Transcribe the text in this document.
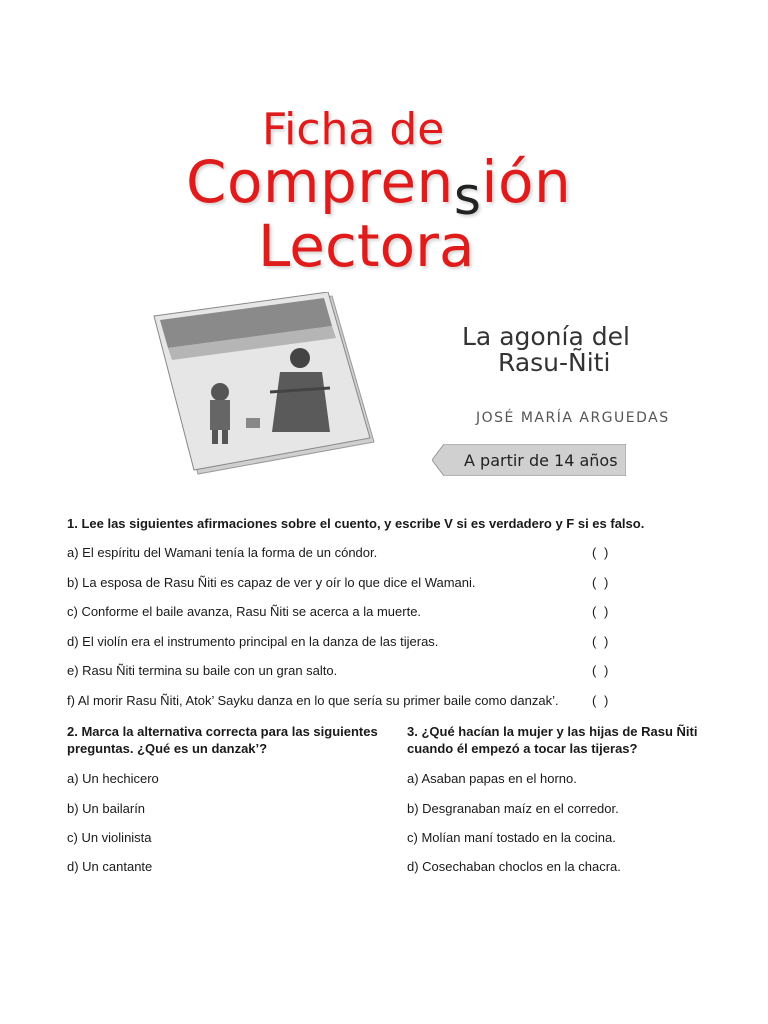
Ficha de
Comprensión
Lectora
La agonía del
Rasu-Ñiti
JOSÉ MARÍA ARGUEDAS
A partir de 14 años
1. Lee las siguientes afirmaciones sobre el cuento, y escribe V si es verdadero y F si es falso.
a) El espíritu del Wamani tenía la forma de un cóndor.	( )
b) La esposa de Rasu Ñiti es capaz de ver y oír lo que dice el Wamani.	( )
c) Conforme el baile avanza, Rasu Ñiti se acerca a la muerte.	( )
d) El violín era el instrumento principal en la danza de las tijeras.	( )
e) Rasu Ñiti termina su baile con un gran salto.	( )
f) Al morir Rasu Ñiti, Atok’ Sayku danza en lo que sería su primer baile como danzak’.	( )
2. Marca la alternativa correcta para las siguientes
preguntas. ¿Qué es un danzak’?
a) Un hechicero
b) Un bailarín
c) Un violinista
d) Un cantante
3. ¿Qué hacían la mujer y las hijas de Rasu Ñiti
cuando él empezó a tocar las tijeras?
a) Asaban papas en el horno.
b) Desgranaban maíz en el corredor.
c) Molían maní tostado en la cocina.
d) Cosechaban choclos en la chacra.
